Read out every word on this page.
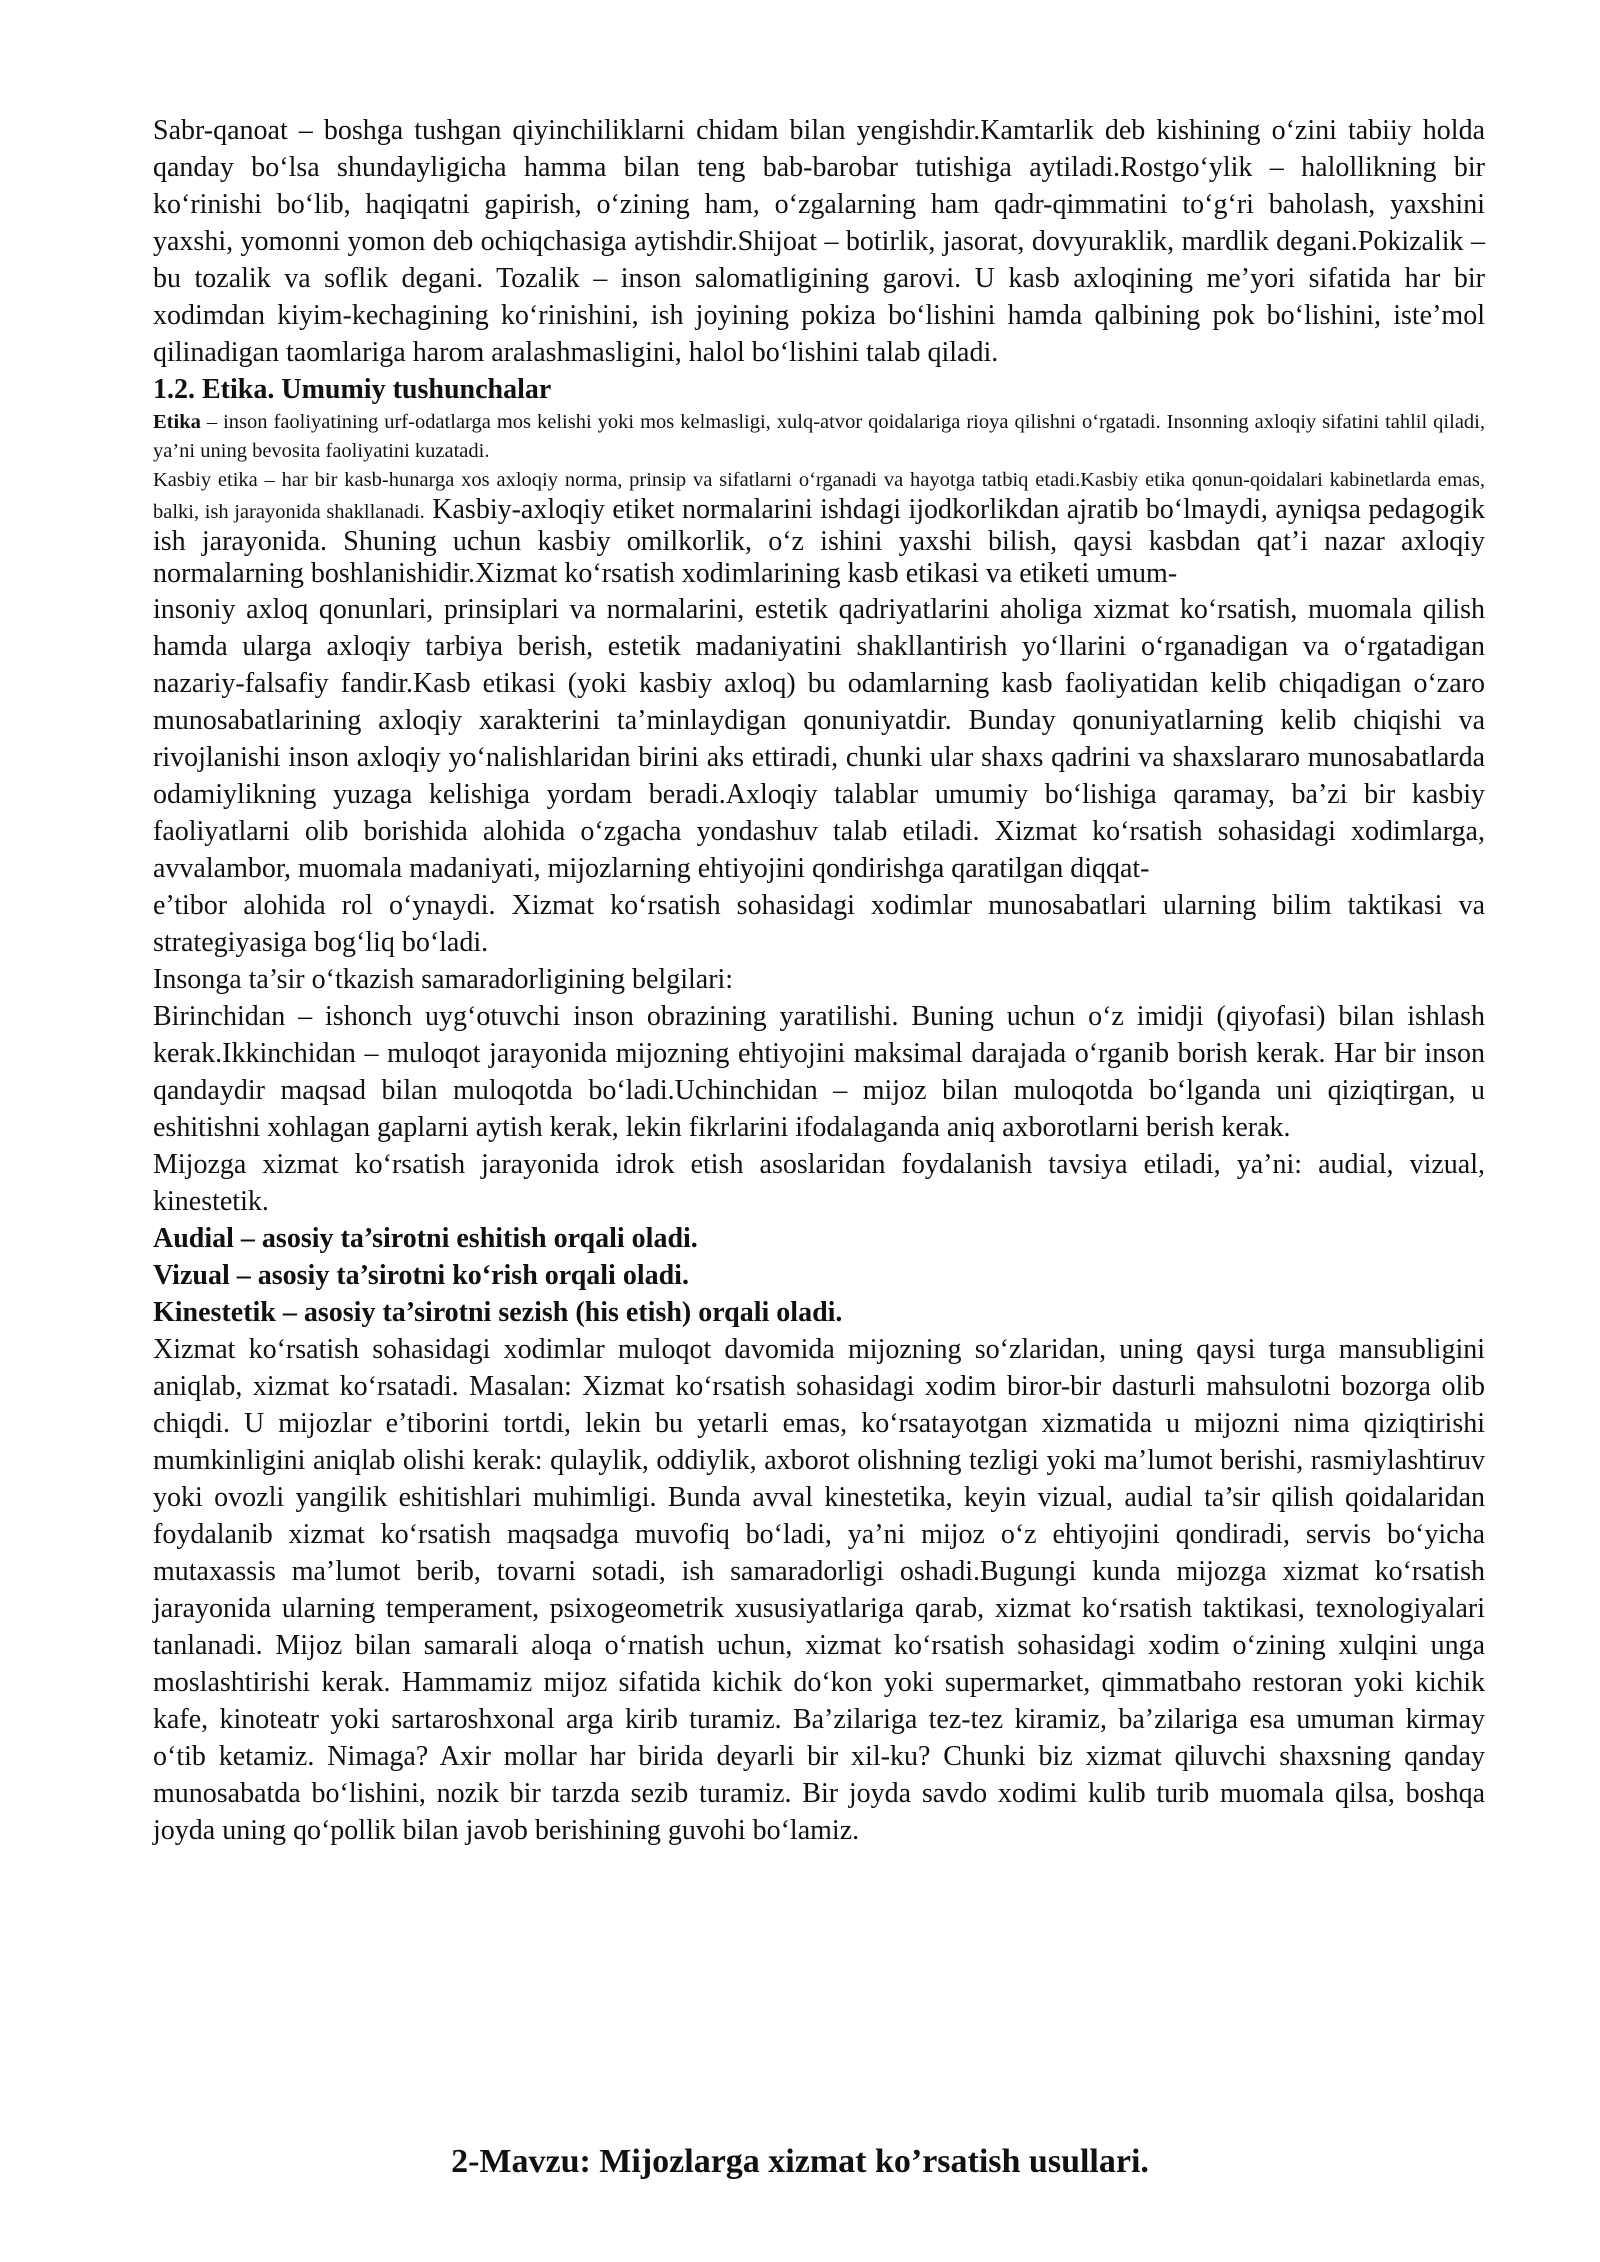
Sabr-qanoat – boshga tushgan qiyinchiliklarni chidam bilan yengishdir.Kamtarlik deb kishining oʻzini tabiiy holda qanday boʻlsa shundayligicha hamma bilan teng bab-barobar tutishiga aytiladi.Rostgoʻylik – halollikning bir koʻrinishi boʻlib, haqiqatni gapirish, oʻzining ham, oʻzgalarning ham qadr-qimmatini toʻgʻri baholash, yaxshini yaxshi, yomonni yomon deb ochiqchasiga aytishdir.Shijoat – botirlik, jasorat, dovyuraklik, mardlik degani.Pokizalik – bu tozalik va soflik degani. Tozalik – inson salomatligining garovi. U kasb axloqining me’yori sifatida har bir xodimdan kiyim-kechagining koʻrinishini, ish joyining pokiza boʻlishini hamda qalbining pok boʻlishini, iste’mol qilinadigan taomlariga harom aralashmasligini, halol boʻlishini talab qiladi.

1.2. Etika. Umumiy tushunchalar

Etika – inson faoliyatining urf-odatlarga mos kelishi yoki mos kelmasligi, xulq-atvor qoidalariga rioya qilishni oʻrgatadi. Insonning axloqiy sifatini tahlil qiladi, ya’ni uning bevosita faoliyatini kuzatadi.

Kasbiy etika – har bir kasb-hunarga xos axloqiy norma, prinsip va sifatlarni oʻrganadi va hayotga tatbiq etadi.Kasbiy etika qonun-qoidalari kabinetlarda emas, balki, ish jarayonida shakllanadi. Kasbiy-axloqiy etiket normalarini ishdagi ijodkorlikdan ajratib boʻlmaydi, ayniqsa pedagogik ish jarayonida. Shuning uchun kasbiy omilkorlik, oʻz ishini yaxshi bilish, qaysi kasbdan qat’i nazar axloqiy normalarning boshlanishidir.Xizmat koʻrsatish xodimlarining kasb etikasi va etiketi umum-

insoniy axloq qonunlari, prinsiplari va normalarini, estetik qadriyatlarini aholiga xizmat koʻrsatish, muomala qilish hamda ularga axloqiy tarbiya berish, estetik madaniyatini shakllantirish yoʻllarini oʻrganadigan va oʻrgatadigan nazariy-falsafiy fandir.Kasb etikasi (yoki kasbiy axloq) bu odamlarning kasb faoliyatidan kelib chiqadigan oʻzaro munosabatlarining axloqiy xarakterini ta’minlaydigan qonuniyatdir. Bunday qonuniyatlarning kelib chiqishi va rivojlanishi inson axloqiy yoʻnalishlaridan birini aks ettiradi, chunki ular shaxs qadrini va shaxslararo munosabatlarda odamiylikning yuzaga kelishiga yordam beradi.Axloqiy talablar umumiy boʻlishiga qaramay, ba’zi bir kasbiy faoliyatlarni olib borishida alohida oʻzgacha yondashuv talab etiladi. Xizmat koʻrsatish sohasidagi xodimlarga, avvalambor, muomala madaniyati, mijozlarning ehtiyojini qondirishga qaratilgan diqqat-

e’tibor alohida rol oʻynaydi. Xizmat koʻrsatish sohasidagi xodimlar munosabatlari ularning bilim taktikasi va strategiyasiga bogʻliq boʻladi.

Insonga ta’sir oʻtkazish samaradorligining belgilari:

Birinchidan – ishonch uygʻotuvchi inson obrazining yaratilishi. Buning uchun oʻz imidji (qiyofasi) bilan ishlash kerak.Ikkinchidan – muloqot jarayonida mijozning ehtiyojini maksimal darajada oʻrganib borish kerak. Har bir inson qandaydir maqsad bilan muloqotda boʻladi.Uchinchidan – mijoz bilan muloqotda boʻlganda uni qiziqtirgan, u eshitishni xohlagan gaplarni aytish kerak, lekin fikrlarini ifodalaganda aniq axborotlarni berish kerak.

Mijozga xizmat koʻrsatish jarayonida idrok etish asoslaridan foydalanish tavsiya etiladi, ya’ni: audial, vizual, kinestetik.

Audial – asosiy ta’sirotni eshitish orqali oladi.

Vizual – asosiy ta’sirotni koʻrish orqali oladi.

Kinestetik – asosiy ta’sirotni sezish (his etish) orqali oladi.

Xizmat koʻrsatish sohasidagi xodimlar muloqot davomida mijozning soʻzlaridan, uning qaysi turga mansubligini aniqlab, xizmat koʻrsatadi. Masalan: Xizmat koʻrsatish sohasidagi xodim biror-bir dasturli mahsulotni bozorga olib chiqdi. U mijozlar e’tiborini tortdi, lekin bu yetarli emas, koʻrsatayotgan xizmatida u mijozni nima qiziqtirishi mumkinligini aniqlab olishi kerak: qulaylik, oddiylik, axborot olishning tezligi yoki ma’lumot berishi, rasmiylashtiruv yoki ovozli yangilik eshitishlari muhimligi. Bunda avval kinestetika, keyin vizual, audial ta’sir qilish qoidalaridan foydalanib xizmat koʻrsatish maqsadga muvofiq boʻladi, ya’ni mijoz oʻz ehtiyojini qondiradi, servis boʻyicha mutaxassis ma’lumot berib, tovarni sotadi, ish samaradorligi oshadi.Bugungi kunda mijozga xizmat koʻrsatish jarayonida ularning temperament, psixogeometrik xususiyatlariga qarab, xizmat koʻrsatish taktikasi, texnologiyalari tanlanadi. Mijoz bilan samarali aloqa oʻrnatish uchun, xizmat koʻrsatish sohasidagi xodim oʻzining xulqini unga moslashtirishi kerak. Hammamiz mijoz sifatida kichik doʻkon yoki supermarket, qimmatbaho restoran yoki kichik kafe, kinoteatr yoki sartaroshxonal arga kirib turamiz. Ba’zilariga tez-tez kiramiz, ba’zilariga esa umuman kirmay oʻtib ketamiz. Nimaga? Axir mollar har birida deyarli bir xil-ku? Chunki biz xizmat qiluvchi shaxsning qanday munosabatda boʻlishini, nozik bir tarzda sezib turamiz. Bir joyda savdo xodimi kulib turib muomala qilsa, boshqa joyda uning qoʻpollik bilan javob berishining guvohi boʻlamiz.

2-Mavzu: Mijozlarga xizmat ko’rsatish usullari.
